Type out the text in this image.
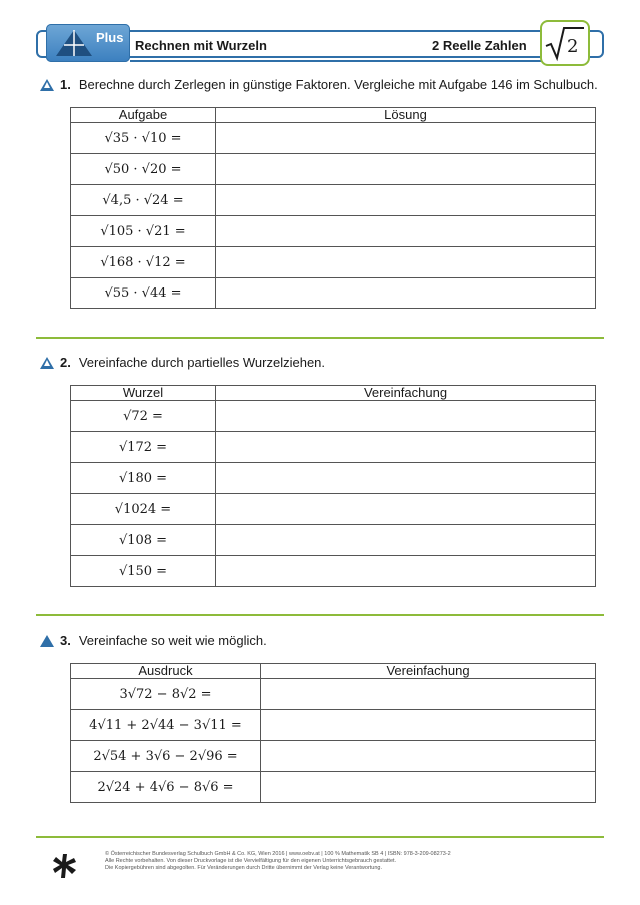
Plus
Rechnen mit Wurzeln	2 Reelle Zahlen 2
1. Berechne durch Zerlegen in günstige Faktoren. Vergleiche mit Aufgabe 146 im Schulbuch.
Aufgabe	Lösung
√35 · √10 =	
√50 · √20 =	
√4,5 · √24 =	
√105 · √21 =	
√168 · √12 =	
√55 · √44 =	
2. Vereinfache durch partielles Wurzelziehen.
Wurzel	Vereinfachung
√72 =	
√172 =	
√180 =	
√1024 =	
√108 =	
√150 =	
3. Vereinfache so weit wie möglich.
Ausdruck	Vereinfachung
3√72 − 8√2 =	
4√11 + 2√44 − 3√11 =	
2√54 + 3√6 − 2√96 =	
2√24 + 4√6 − 8√6 =	
© Österreichischer Bundesverlag Schulbuch GmbH & Co. KG, Wien 2016 | www.oebv.at | 100 % Mathematik SB 4 | ISBN: 978-3-209-08273-2
Alle Rechte vorbehalten. Von dieser Druckvorlage ist die Vervielfältigung für den eigenen Unterrichtsgebrauch gestattet.
Die Kopiergebühren sind abgegolten. Für Veränderungen durch Dritte übernimmt der Verlag keine Verantwortung.
